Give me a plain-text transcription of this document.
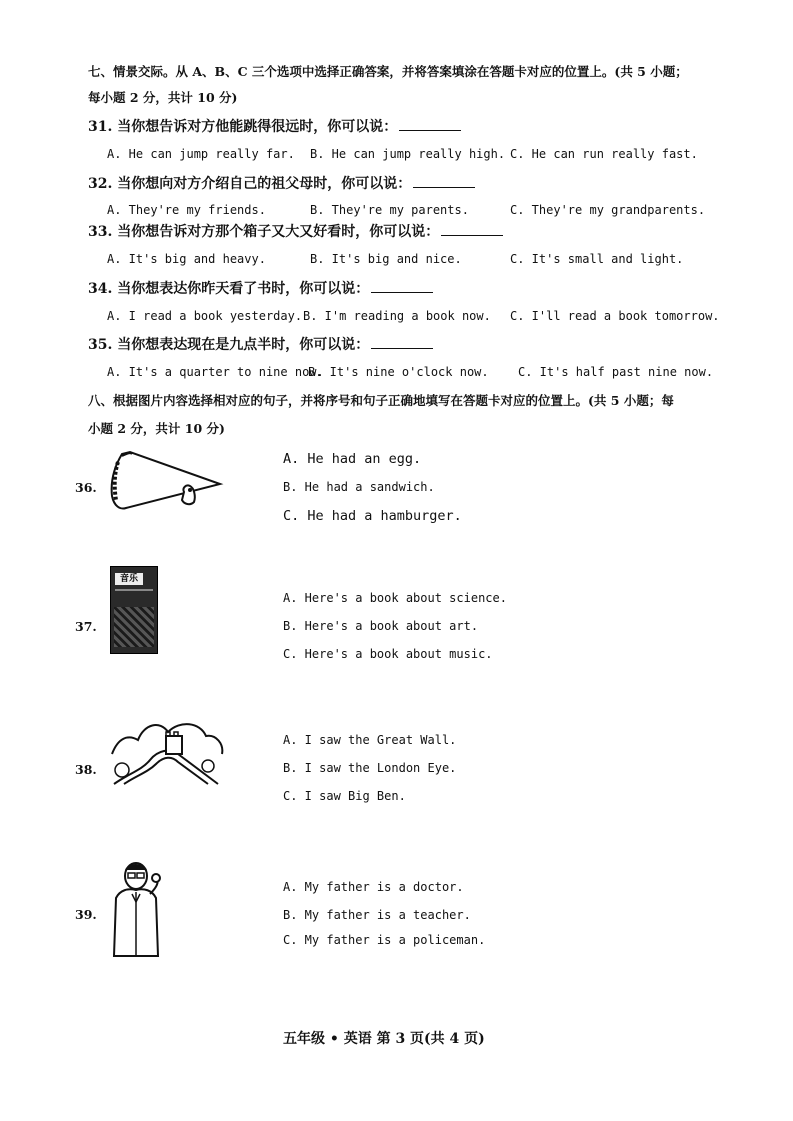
七、情景交际。从 A、B、C 三个选项中选择正确答案，并将答案填涂在答题卡对应的位置上。(共 5 小题；
每小题 2 分，共计 10 分)
31. 当你想告诉对方他能跳得很远时，你可以说：
A. He can jump really far. B. He can jump really high. C. He can run really fast.
32. 当你想向对方介绍自己的祖父母时，你可以说：
A. They're my friends.	B. They're my parents.	C. They're my grandparents.
33. 当你想告诉对方那个箱子又大又好看时，你可以说：
A. It's big and heavy.	B. It's big and nice.	C. It's small and light.
34. 当你想表达你昨天看了书时，你可以说：
A. I read a book yesterday. B. I'm reading a book now. C. I'll read a book tomorrow.
35. 当你想表达现在是九点半时，你可以说：
A. It's a quarter to nine now.
B. It's nine o'clock now. C. It's half past nine now.
八、根据图片内容选择相对应的句子，并将序号和句子正确地填写在答题卡对应的位置上。(共 5 小题；每
小题 2 分，共计 10 分)
36.
A. He had an egg.
B. He had a sandwich.
C. He had a hamburger.
37.
音乐
A. Here's a book about science.
B. Here's a book about art.
C. Here's a book about music.
38.
A. I saw the Great Wall.
B. I saw the London Eye.
C. I saw Big Ben.
39.
A. My father is a doctor.
B. My father is a teacher.
C. My father is a policeman.
五年级 • 英语 第 3 页(共 4 页)
